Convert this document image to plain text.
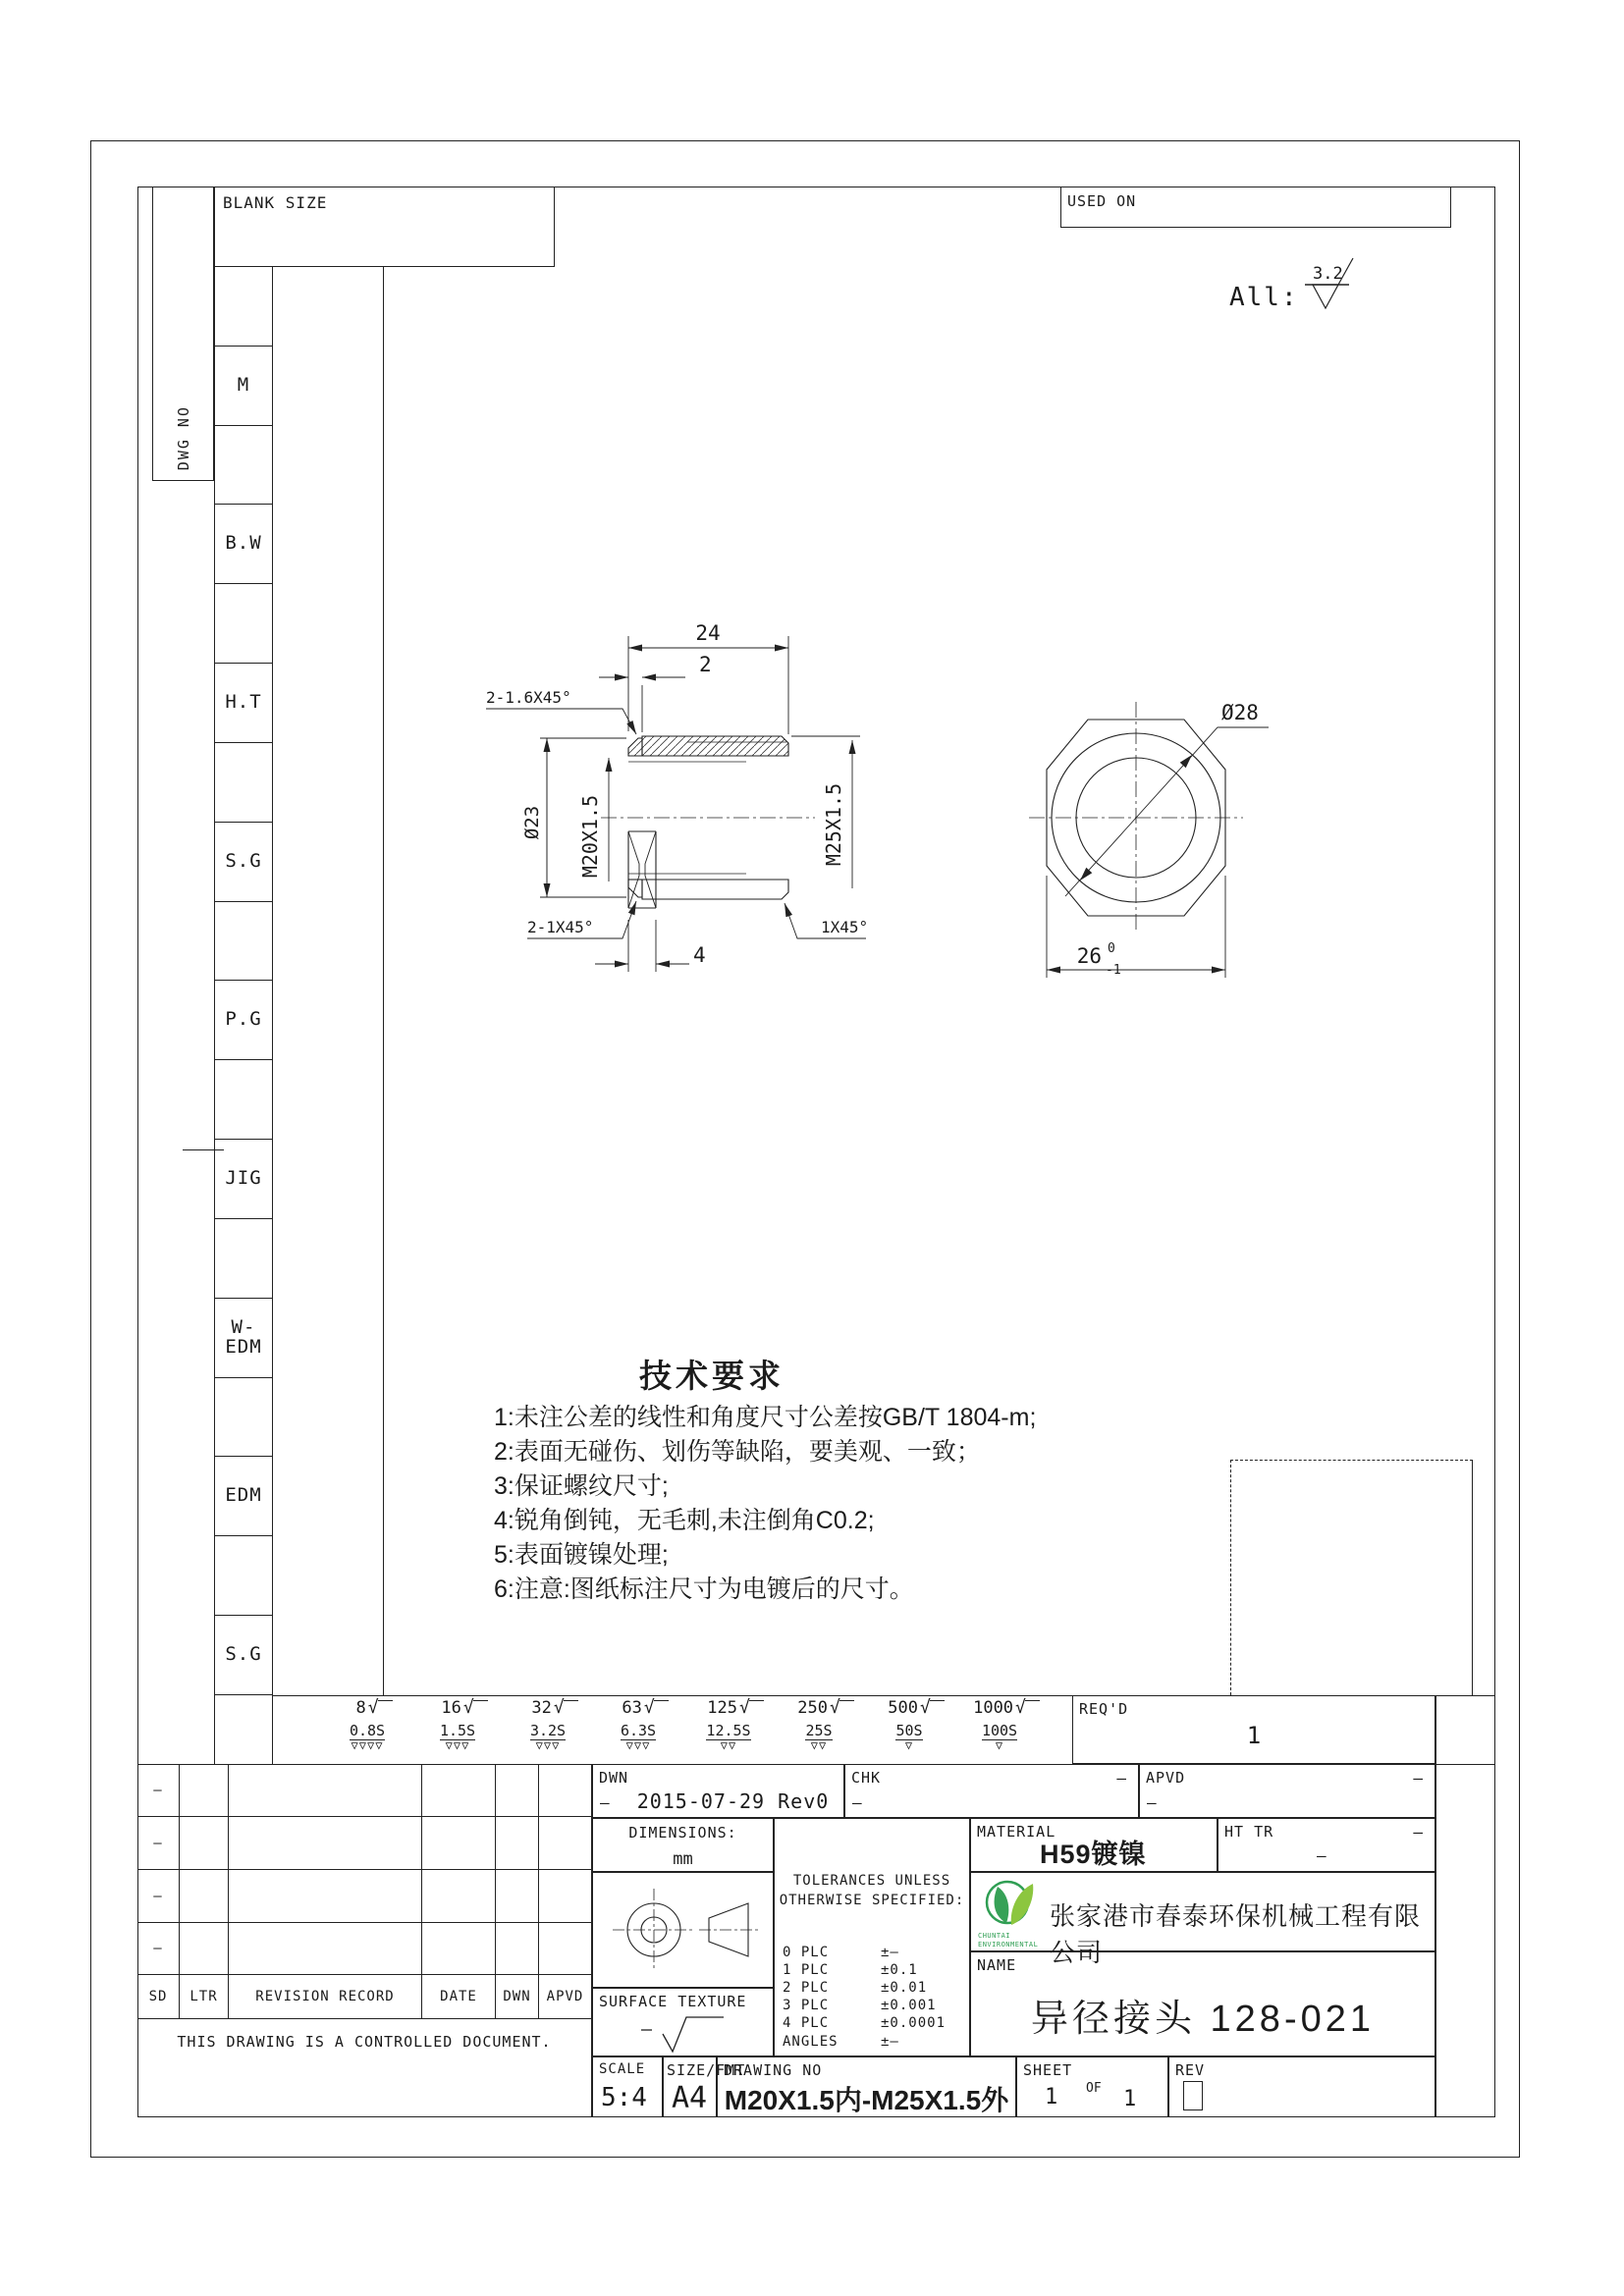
DWG NO
BLANK SIZE	USED ON
All:
3.2
M
B.W
H.T
S.G
P.G
JIG
W-EDM
EDM
S.G
24
2
2-1.6X45°
Ø23 M20X1.5	M25X1.5
2-1X45°	1X45°
4
Ø28
26 0
-1
技术要求
1:未注公差的线性和角度尺寸公差按GB/T 1804-m;
2:表面无碰伤、划伤等缺陷，要美观、一致；
3:保证螺纹尺寸;
4:锐角倒钝，无毛刺,未注倒角C0.2;
5:表面镀镍处理;
6:注意:图纸标注尺寸为电镀后的尺寸。
8 √
0.8S
▽▽▽▽
16 √
1.5S
▽▽▽
32 √
3.2S
▽▽▽
63 √
6.3S
▽▽▽
125 √
12.5S
▽▽
250 √
25S
▽▽
500 √
50S
▽
1000 √
100S
▽
REQ'D
1
–
–
–
–
SD	LTR	REVISION RECORD	DATE	DWN	APVD
THIS DRAWING IS A CONTROLLED DOCUMENT.
DWN
–	2015-07-29 Rev0
CHK	–
–
APVD	–
–
DIMENSIONS:
mm
MATERIAL
H59镀镍
HT TR	–
–
TOLERANCES UNLESS
OTHERWISE SPECIFIED:
0 PLC	±–
1 PLC	±0.1
2 PLC	±0.01
3 PLC	±0.001
4 PLC	±0.0001
ANGLES	±–
SURFACE TEXTURE
CHUNTAI
ENVIRONMENTAL
张家港市春泰环保机械工程有限公司
NAME
异径接头 128-021
SCALE
5:4
SIZE/FMT
A4
DRAWING NO
M20X1.5内-M25X1.5外
SHEET
1 OF 1
REV
